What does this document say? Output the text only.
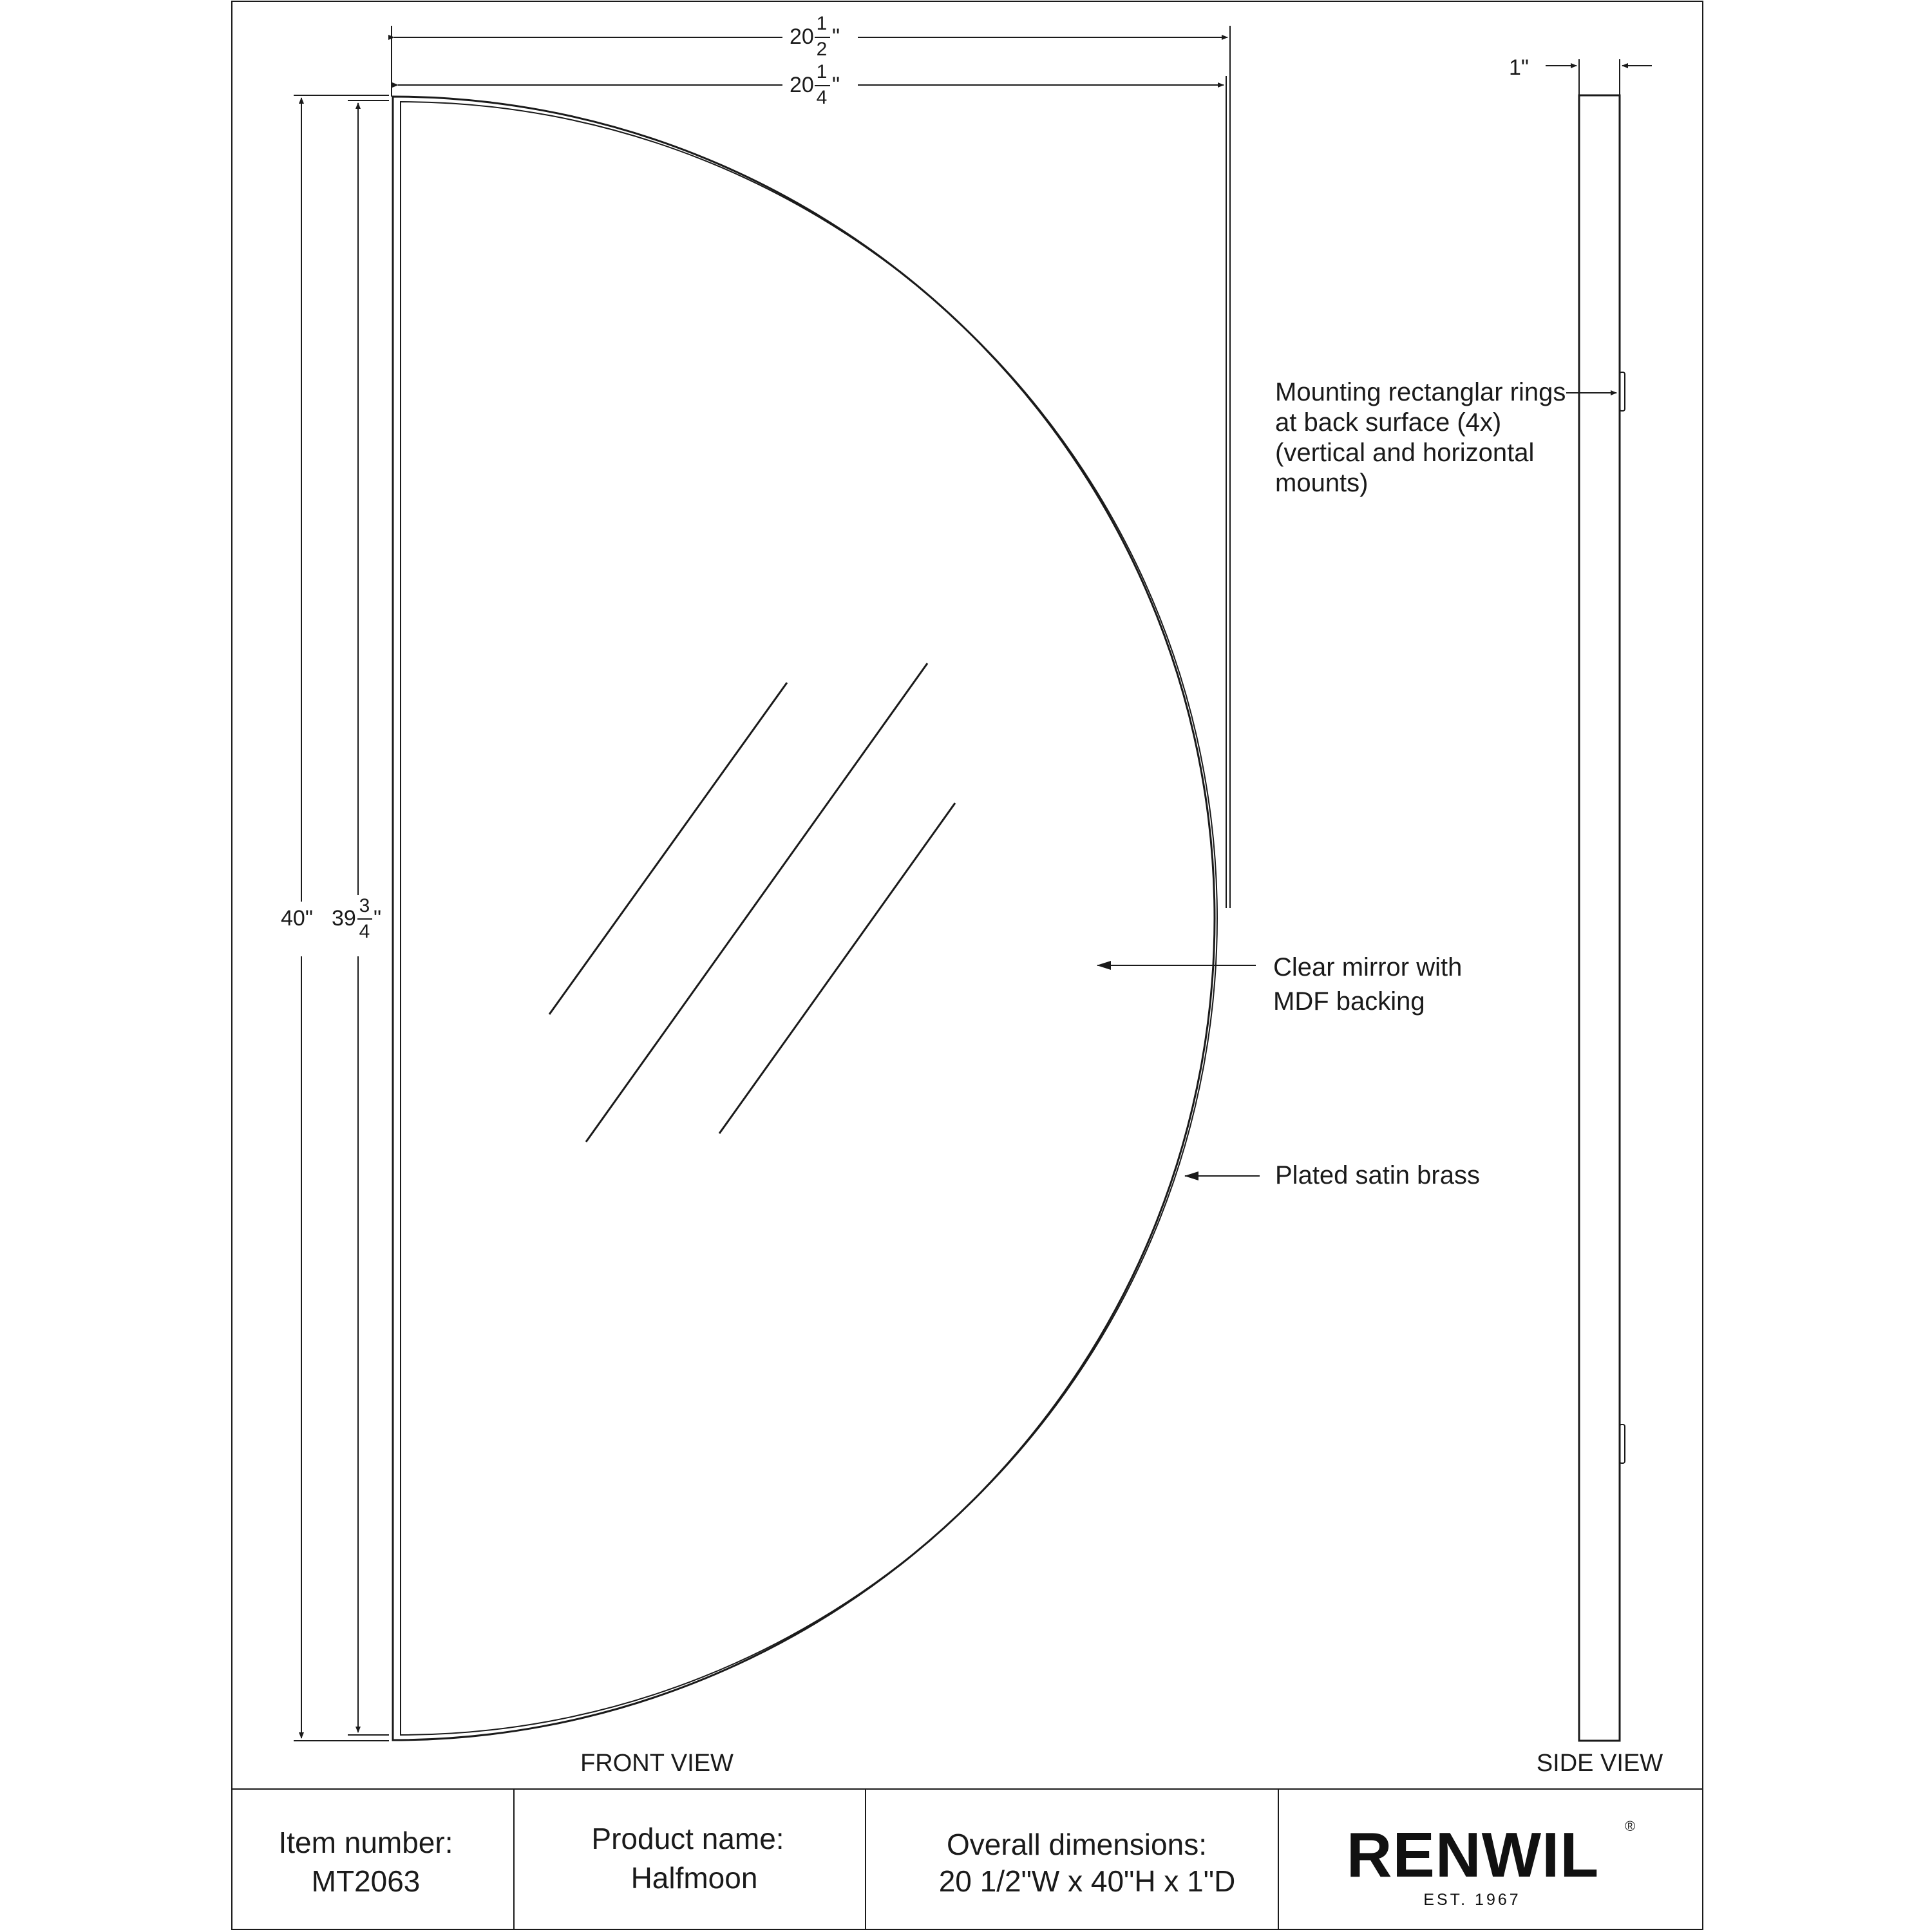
20
1
2
"
20
1
4
"
40" 39
3
4
"
1"
Mounting rectanglar rings
at back surface (4x)
(vertical and horizontal
mounts)
Clear mirror with
MDF backing
Plated satin brass
FRONT VIEW	SIDE VIEW
Item number:
MT2063
Product name:
Halfmoon
Overall dimensions:
20 1/2"W x 40"H x 1"D RENWIL ®
EST. 1967
